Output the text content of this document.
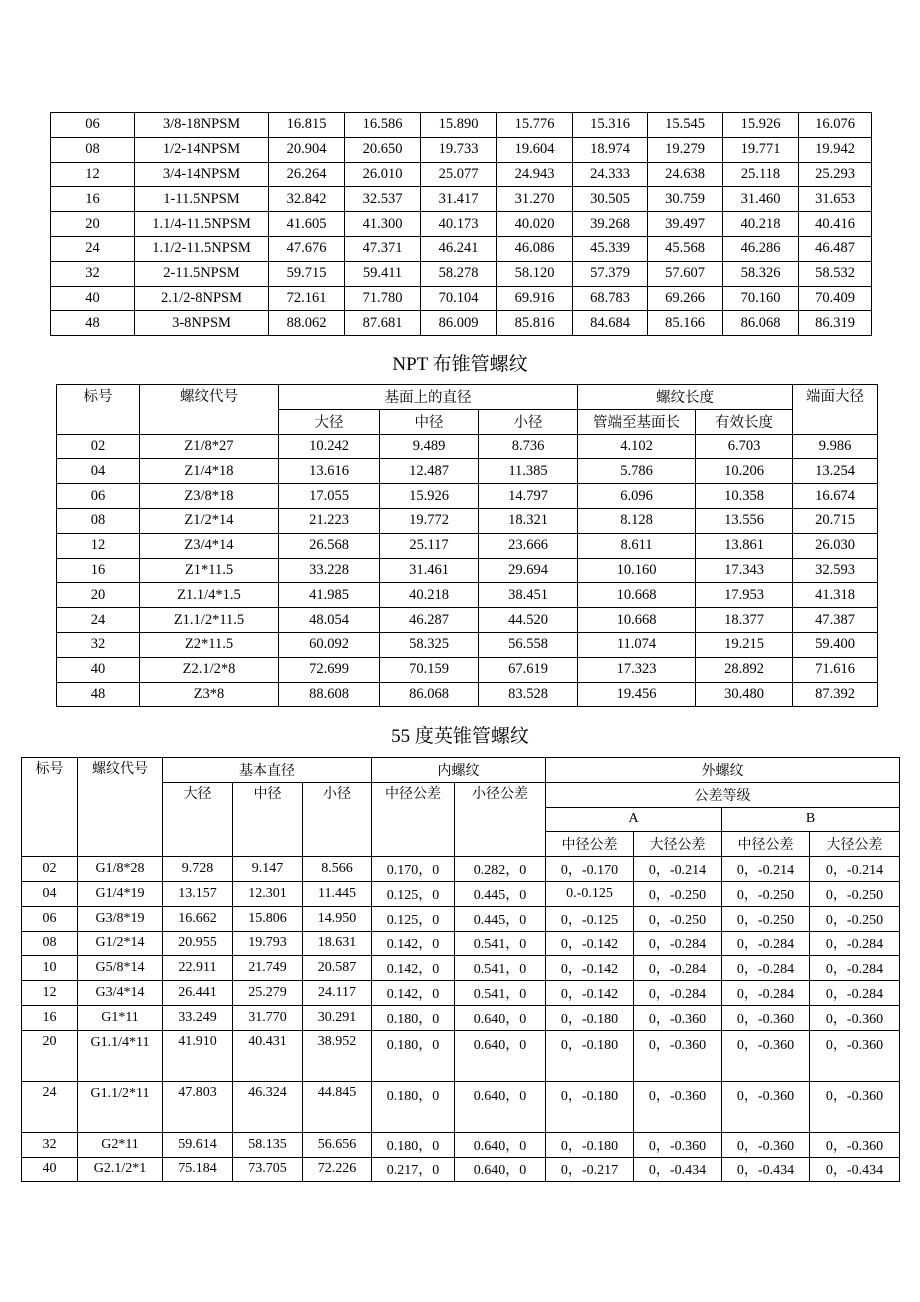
06	3/8-18NPSM	16.815	16.586	15.890	15.776	15.316	15.545	15.926	16.076
08	1/2-14NPSM	20.904	20.650	19.733	19.604	18.974	19.279	19.771	19.942
12	3/4-14NPSM	26.264	26.010	25.077	24.943	24.333	24.638	25.118	25.293
16	1-11.5NPSM	32.842	32.537	31.417	31.270	30.505	30.759	31.460	31.653
20	1.1/4-11.5NPSM	41.605	41.300	40.173	40.020	39.268	39.497	40.218	40.416
24	1.1/2-11.5NPSM	47.676	47.371	46.241	46.086	45.339	45.568	46.286	46.487
32	2-11.5NPSM	59.715	59.411	58.278	58.120	57.379	57.607	58.326	58.532
40	2.1/2-8NPSM	72.161	71.780	70.104	69.916	68.783	69.266	70.160	70.409
48	3-8NPSM	88.062	87.681	86.009	85.816	84.684	85.166	86.068	86.319
NPT 布锥管螺纹
标号	螺纹代号	基面上的直径			螺纹长度		端面大径
		大径	中径	小径	管端至基面长	有效长度	
02	Z1/8*27	10.242	9.489	8.736	4.102	6.703	9.986
04	Z1/4*18	13.616	12.487	11.385	5.786	10.206	13.254
06	Z3/8*18	17.055	15.926	14.797	6.096	10.358	16.674
08	Z1/2*14	21.223	19.772	18.321	8.128	13.556	20.715
12	Z3/4*14	26.568	25.117	23.666	8.611	13.861	26.030
16	Z1*11.5	33.228	31.461	29.694	10.160	17.343	32.593
20	Z1.1/4*1.5	41.985	40.218	38.451	10.668	17.953	41.318
24	Z1.1/2*11.5	48.054	46.287	44.520	10.668	18.377	47.387
32	Z2*11.5	60.092	58.325	56.558	11.074	19.215	59.400
40	Z2.1/2*8	72.699	70.159	67.619	17.323	28.892	71.616
48	Z3*8	88.608	86.068	83.528	19.456	30.480	87.392
55 度英锥管螺纹
标号	螺纹代号	基本直径			内螺纹		外螺纹			
		大径	中径	小径	中径公差	小径公差	公差等级			
							A		B	
							中径公差	大径公差	中径公差	大径公差
02	G1/8*28	9.728	9.147	8.566	0.170，0	0.282，0	0，-0.170	0，-0.214	0，-0.214	0，-0.214
04	G1/4*19	13.157	12.301	11.445	0.125，0	0.445，0	0.-0.125	0，-0.250	0，-0.250	0，-0.250
06	G3/8*19	16.662	15.806	14.950	0.125，0	0.445，0	0，-0.125	0，-0.250	0，-0.250	0，-0.250
08	G1/2*14	20.955	19.793	18.631	0.142，0	0.541，0	0，-0.142	0，-0.284	0，-0.284	0，-0.284
10	G5/8*14	22.911	21.749	20.587	0.142，0	0.541，0	0，-0.142	0，-0.284	0，-0.284	0，-0.284
12	G3/4*14	26.441	25.279	24.117	0.142，0	0.541，0	0，-0.142	0，-0.284	0，-0.284	0，-0.284
16	G1*11	33.249	31.770	30.291	0.180，0	0.640，0	0，-0.180	0，-0.360	0，-0.360	0，-0.360
20	G1.1/4*11	41.910	40.431	38.952	0.180，0	0.640，0	0，-0.180	0，-0.360	0，-0.360	0，-0.360
24	G1.1/2*11	47.803	46.324	44.845	0.180，0	0.640，0	0，-0.180	0，-0.360	0，-0.360	0，-0.360
32	G2*11	59.614	58.135	56.656	0.180，0	0.640，0	0，-0.180	0，-0.360	0，-0.360	0，-0.360
40	G2.1/2*1	75.184	73.705	72.226	0.217，0	0.640，0	0，-0.217	0，-0.434	0，-0.434	0，-0.434
